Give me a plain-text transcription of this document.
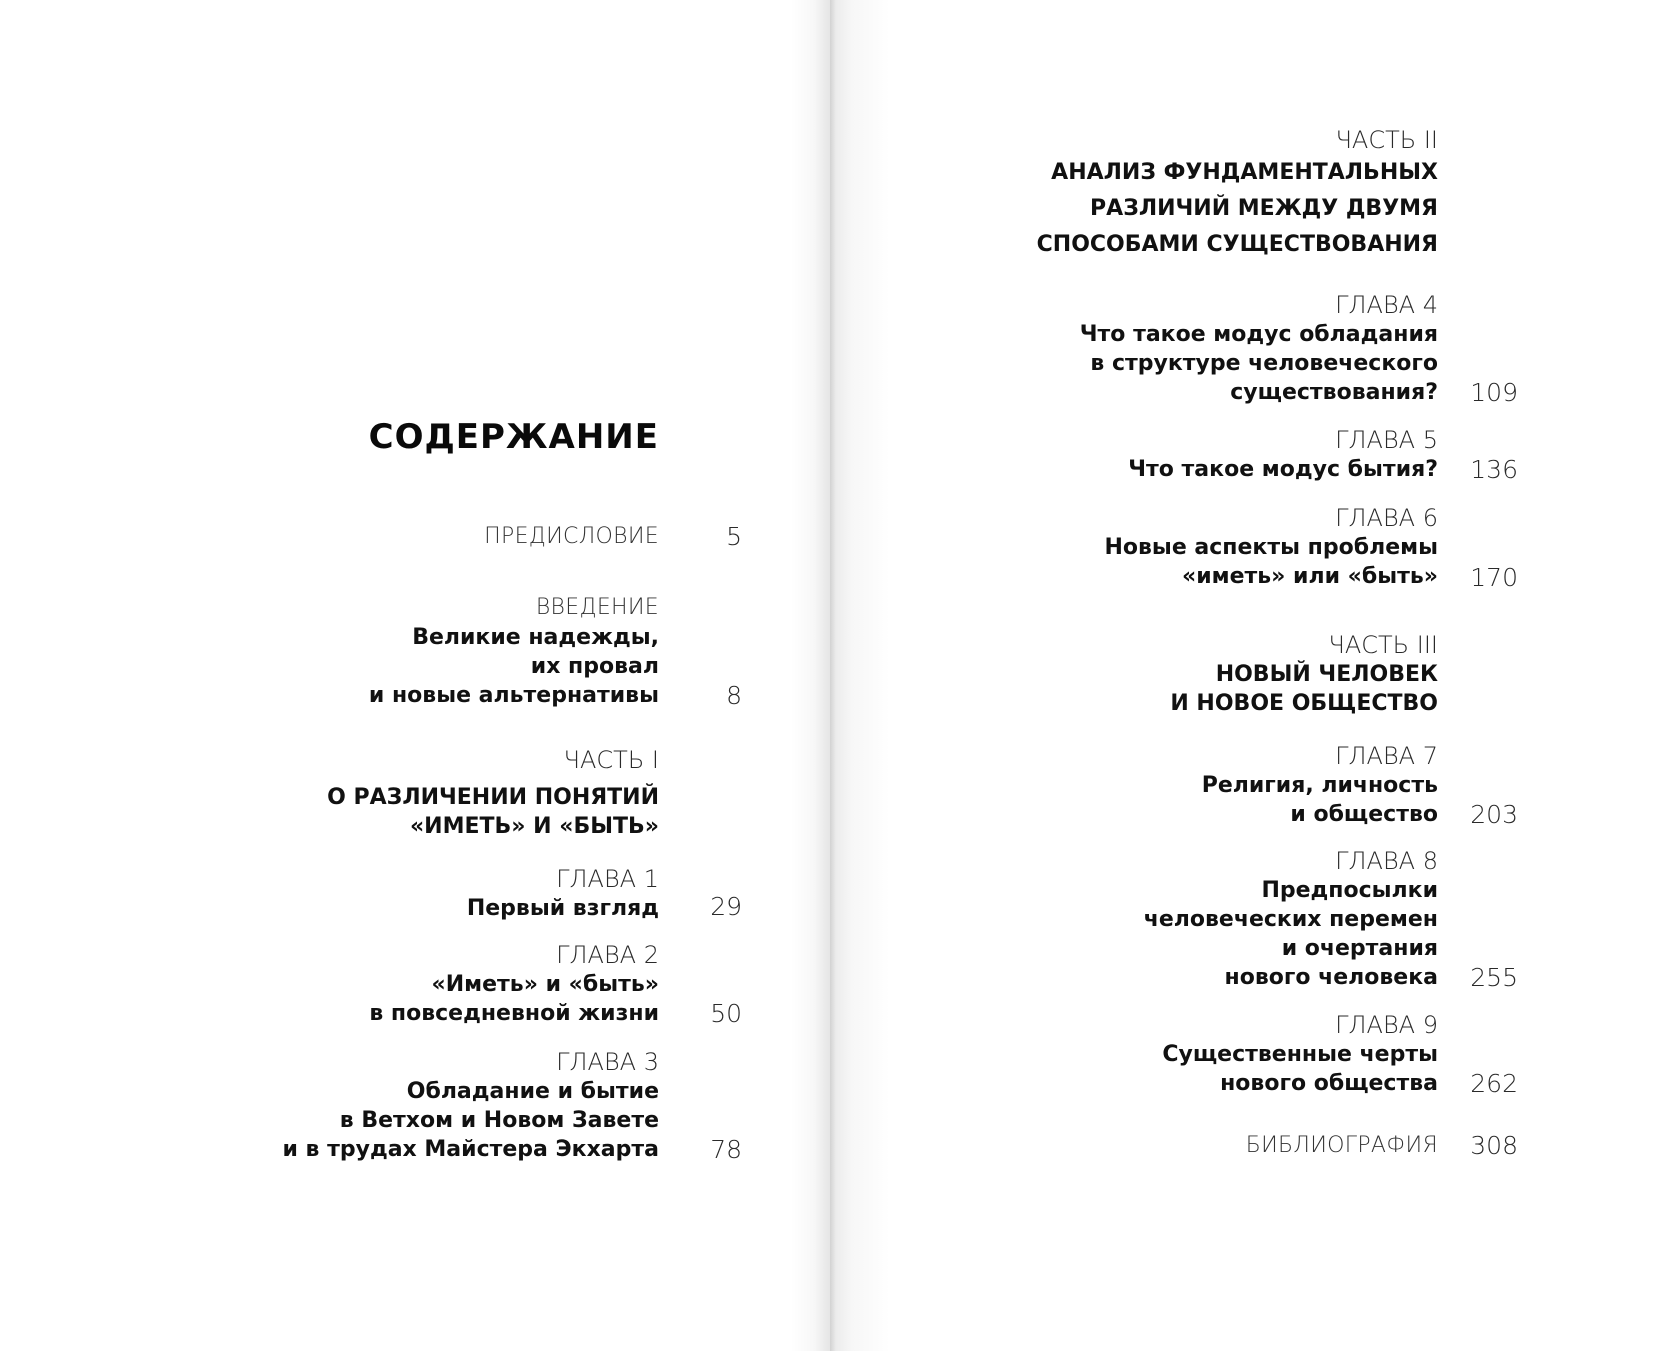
СОДЕРЖАНИЕ
ПРЕДИСЛОВИЕ	5
ВВЕДЕНИЕ
Великие надежды,
их провал
и новые альтернативы	8
ЧАСТЬ I
О РАЗЛИЧЕНИИ ПОНЯТИЙ
«ИМЕТЬ» И «БЫТЬ»
ГЛАВА 1
Первый взгляд	29
ГЛАВА 2
«Иметь» и «быть»
в повседневной жизни	50
ГЛАВА 3
Обладание и бытие
в Ветхом и Новом Завете
и в трудах Майстера Экхарта	78
ЧАСТЬ II
АНАЛИЗ ФУНДАМЕНТАЛЬНЫХ
РАЗЛИЧИЙ МЕЖДУ ДВУМЯ
СПОСОБАМИ СУЩЕСТВОВАНИЯ
ГЛАВА 4
Что такое модус обладания
в структуре человеческого
существования?	109
ГЛАВА 5
Что такое модус бытия?	136
ГЛАВА 6
Новые аспекты проблемы
«иметь» или «быть»	170
ЧАСТЬ III
НОВЫЙ ЧЕЛОВЕК
И НОВОЕ ОБЩЕСТВО
ГЛАВА 7
Религия, личность
и общество	203
ГЛАВА 8
Предпосылки
человеческих перемен
и очертания
нового человека	255
ГЛАВА 9
Существенные черты
нового общества	262
БИБЛИОГРАФИЯ	308
